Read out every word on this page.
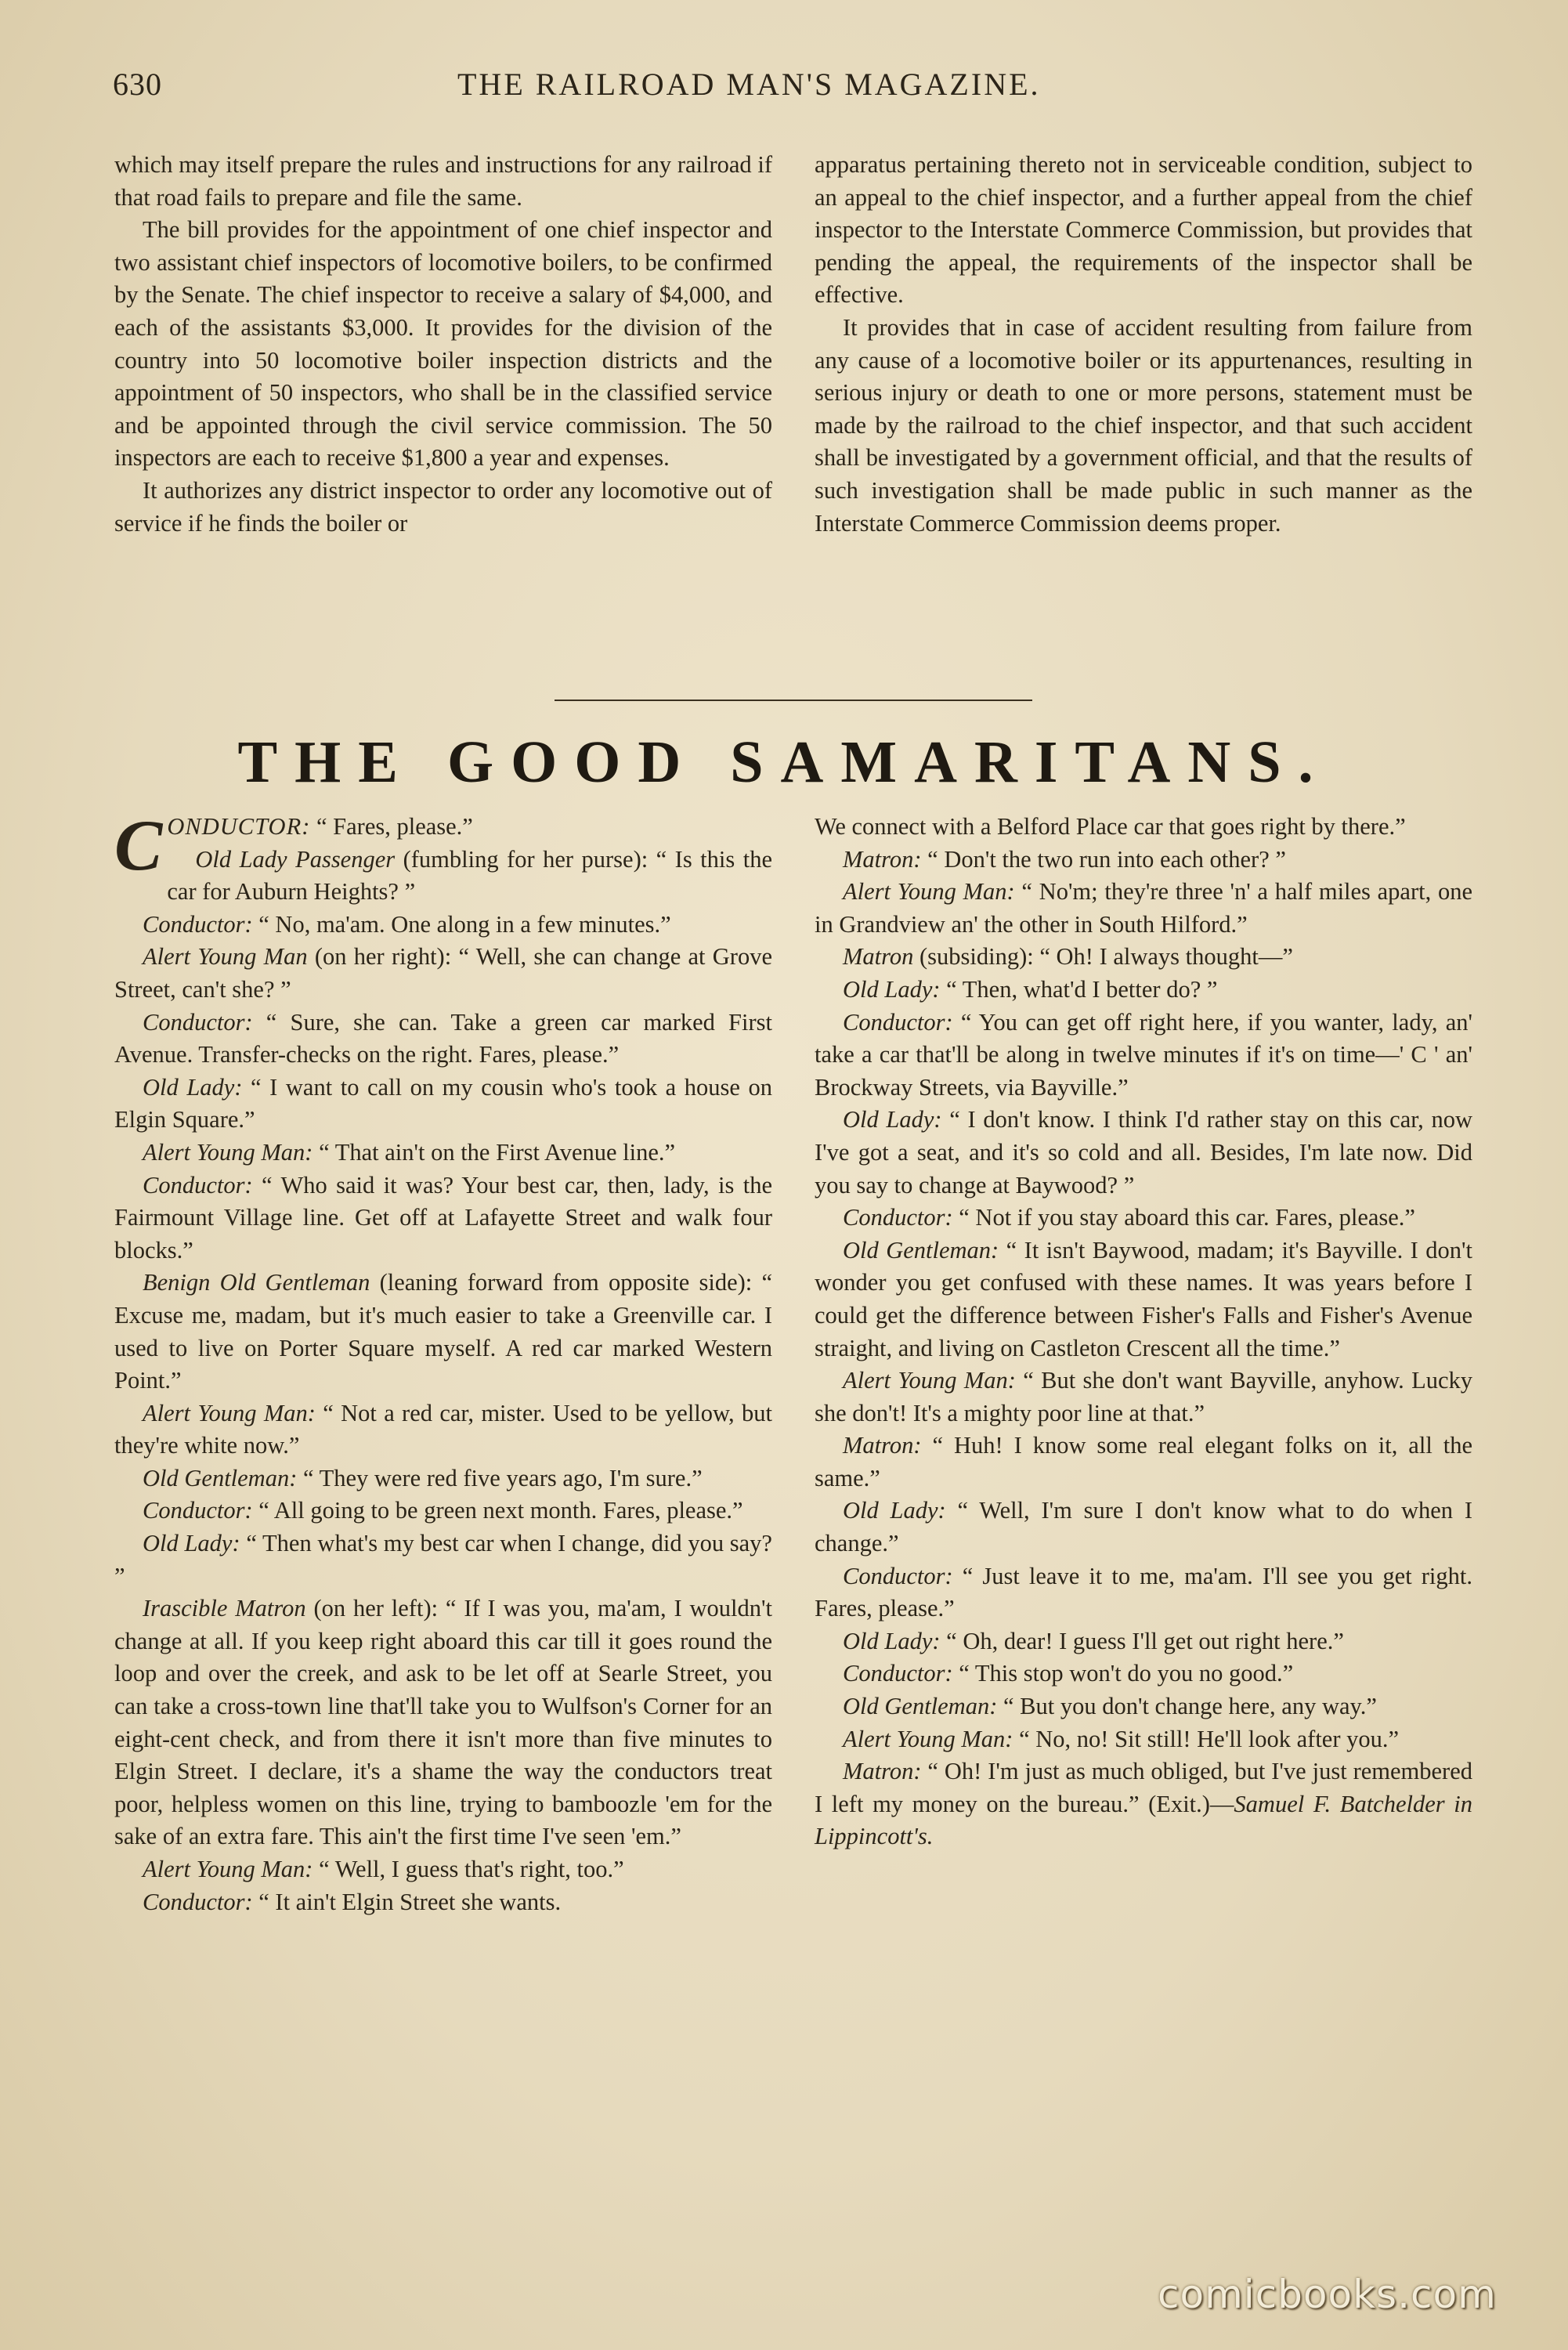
630	THE RAILROAD MAN'S MAGAZINE.

which may itself prepare the rules and instructions for any railroad if that road fails to prepare and file the same.

The bill provides for the appointment of one chief inspector and two assistant chief inspectors of locomotive boilers, to be confirmed by the Senate. The chief inspector to receive a salary of $4,000, and each of the assistants $3,000. It provides for the division of the country into 50 locomotive boiler inspection districts and the appointment of 50 inspectors, who shall be in the classified service and be appointed through the civil service commission. The 50 inspectors are each to receive $1,800 a year and expenses.

It authorizes any district inspector to order any locomotive out of service if he finds the boiler or

apparatus pertaining thereto not in serviceable condition, subject to an appeal to the chief inspector, and a further appeal from the chief inspector to the Interstate Commerce Commission, but provides that pending the appeal, the requirements of the inspector shall be effective.

It provides that in case of accident resulting from failure from any cause of a locomotive boiler or its appurtenances, resulting in serious injury or death to one or more persons, statement must be made by the railroad to the chief inspector, and that such accident shall be investigated by a government official, and that the results of such investigation shall be made public in such manner as the Interstate Commerce Commission deems proper.

THE GOOD SAMARITANS.

CONDUCTOR: “ Fares, please.”

Old Lady Passenger (fumbling for her purse): “ Is this the car for Auburn Heights? ”

Conductor: “ No, ma'am. One along in a few minutes.”

Alert Young Man (on her right): “ Well, she can change at Grove Street, can't she? ”

Conductor: “ Sure, she can. Take a green car marked First Avenue. Transfer-checks on the right. Fares, please.”

Old Lady: “ I want to call on my cousin who's took a house on Elgin Square.”

Alert Young Man: “ That ain't on the First Avenue line.”

Conductor: “ Who said it was? Your best car, then, lady, is the Fairmount Village line. Get off at Lafayette Street and walk four blocks.”

Benign Old Gentleman (leaning forward from opposite side): “ Excuse me, madam, but it's much easier to take a Greenville car. I used to live on Porter Square myself. A red car marked Western Point.”

Alert Young Man: “ Not a red car, mister. Used to be yellow, but they're white now.”

Old Gentleman: “ They were red five years ago, I'm sure.”

Conductor: “ All going to be green next month. Fares, please.”

Old Lady: “ Then what's my best car when I change, did you say? ”

Irascible Matron (on her left): “ If I was you, ma'am, I wouldn't change at all. If you keep right aboard this car till it goes round the loop and over the creek, and ask to be let off at Searle Street, you can take a cross-town line that'll take you to Wulfson's Corner for an eight-cent check, and from there it isn't more than five minutes to Elgin Street. I declare, it's a shame the way the conductors treat poor, helpless women on this line, trying to bamboozle 'em for the sake of an extra fare. This ain't the first time I've seen 'em.”

Alert Young Man: “ Well, I guess that's right, too.”

Conductor: “ It ain't Elgin Street she wants.

We connect with a Belford Place car that goes right by there.”

Matron: “ Don't the two run into each other? ”

Alert Young Man: “ No'm; they're three 'n' a half miles apart, one in Grandview an' the other in South Hilford.”

Matron (subsiding): “ Oh! I always thought—”

Old Lady: “ Then, what'd I better do? ”

Conductor: “ You can get off right here, if you wanter, lady, an' take a car that'll be along in twelve minutes if it's on time—' C ' an' Brockway Streets, via Bayville.”

Old Lady: “ I don't know. I think I'd rather stay on this car, now I've got a seat, and it's so cold and all. Besides, I'm late now. Did you say to change at Baywood? ”

Conductor: “ Not if you stay aboard this car. Fares, please.”

Old Gentleman: “ It isn't Baywood, madam; it's Bayville. I don't wonder you get confused with these names. It was years before I could get the difference between Fisher's Falls and Fisher's Avenue straight, and living on Castleton Crescent all the time.”

Alert Young Man: “ But she don't want Bayville, anyhow. Lucky she don't! It's a mighty poor line at that.”

Matron: “ Huh! I know some real elegant folks on it, all the same.”

Old Lady: “ Well, I'm sure I don't know what to do when I change.”

Conductor: “ Just leave it to me, ma'am. I'll see you get right. Fares, please.”

Old Lady: “ Oh, dear! I guess I'll get out right here.”

Conductor: “ This stop won't do you no good.”

Old Gentleman: “ But you don't change here, any way.”

Alert Young Man: “ No, no! Sit still! He'll look after you.”

Matron: “ Oh! I'm just as much obliged, but I've just remembered I left my money on the bureau.” (Exit.)—Samuel F. Batchelder in Lippincott's.

comicbooks.com
